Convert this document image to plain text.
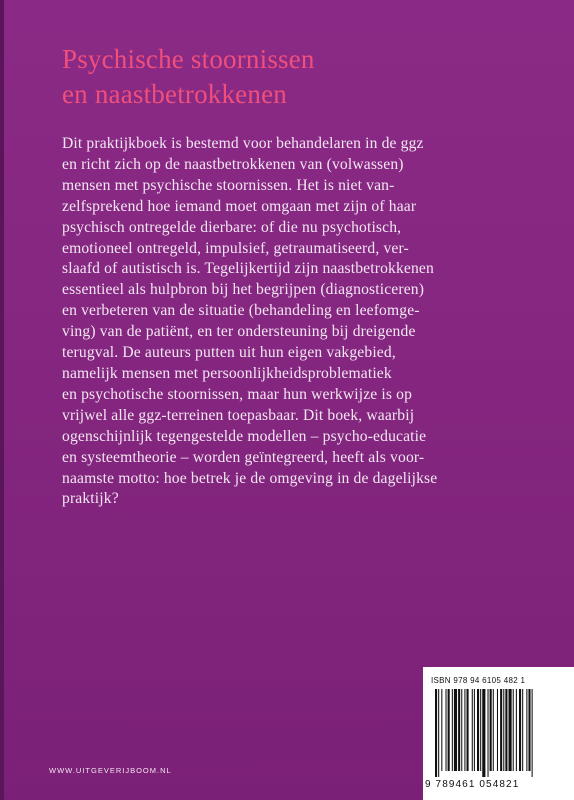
Psychische stoornissen
en naastbetrokkenen
Dit praktijkboek is bestemd voor behandelaren in de ggz
en richt zich op de naastbetrokkenen van (volwassen)
mensen met psychische stoornissen. Het is niet van-
zelfsprekend hoe iemand moet omgaan met zijn of haar
psychisch ontregelde dierbare: of die nu psychotisch,
emotioneel ontregeld, impulsief, getraumatiseerd, ver-
slaafd of autistisch is. Tegelijkertijd zijn naastbetrokkenen
essentieel als hulpbron bij het begrijpen (diagnosticeren)
en verbeteren van de situatie (behandeling en leefomge-
ving) van de patiënt, en ter ondersteuning bij dreigende
terugval. De auteurs putten uit hun eigen vakgebied,
namelijk mensen met persoonlijkheidsproblematiek
en psychotische stoornissen, maar hun werkwijze is op
vrijwel alle ggz-terreinen toepasbaar. Dit boek, waarbij
ogenschijnlijk tegengestelde modellen – psycho-educatie
en systeemtheorie – worden geïntegreerd, heeft als voor-
naamste motto: hoe betrek je de omgeving in de dagelijkse
praktijk?
WWW.UITGEVERIJBOOM.NL
ISBN 978 94 6105 482 1
9 789461 054821
